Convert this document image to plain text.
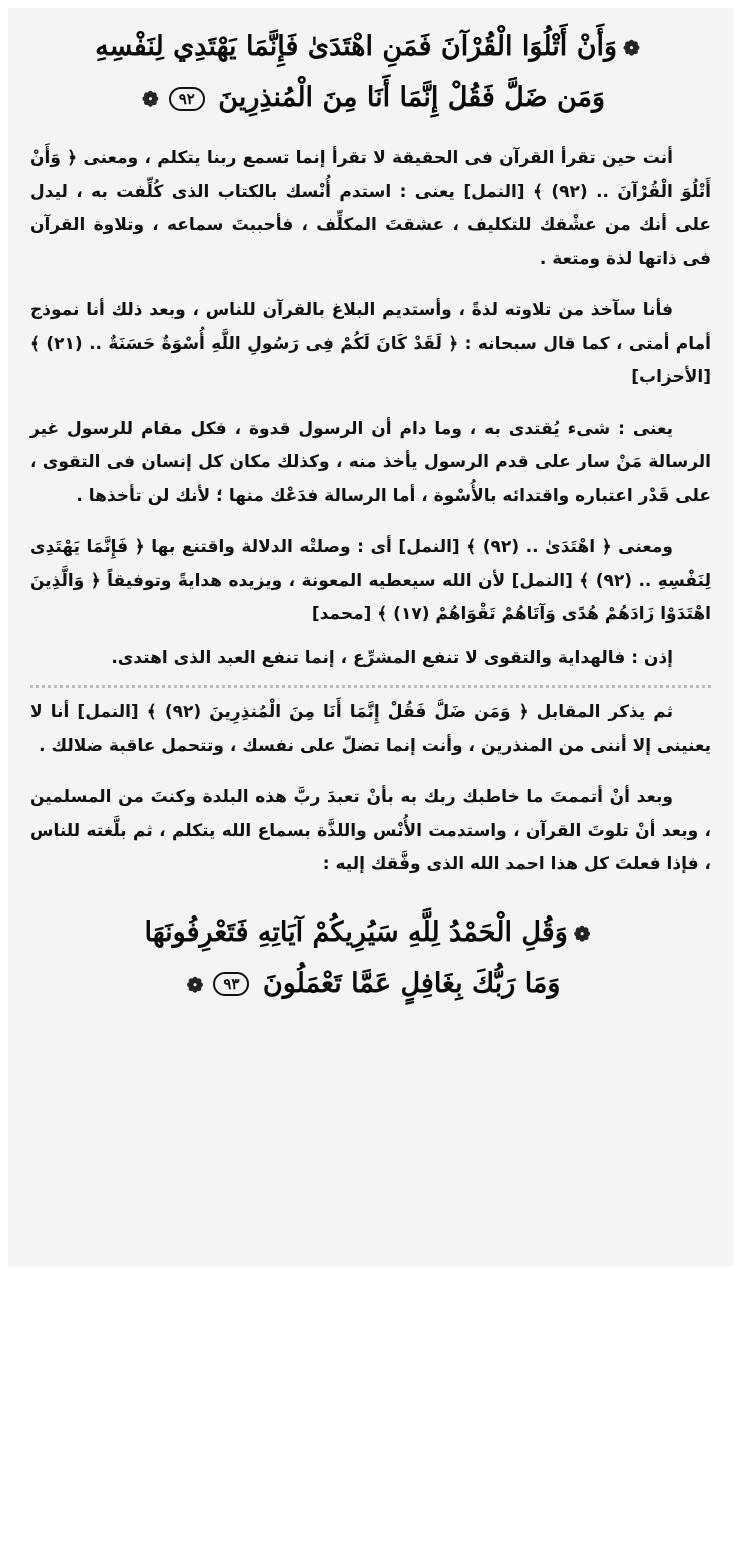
❁وَأَنْ أَتْلُوَا الْقُرْآنَ فَمَنِ اهْتَدَىٰ فَإِنَّمَا يَهْتَدِي لِنَفْسِهِ
وَمَن ضَلَّ فَقُلْ إِنَّمَا أَنَا مِنَ الْمُنذِرِينَ ٩٢❁

أنت حين تقرأ القرآن فى الحقيقة لا تقرأ إنما تسمع ربنا يتكلم ، ومعنى ﴿ وَأَنْ أَتْلُوَ الْقُرْآنَ .. (٩٢) ﴾ [النمل] يعنى : استدم أُنْسك بالكتاب الذى كُلِّفت به ، ليدل على أنك من عشْقك للتكليف ، عشقتَ المكلِّف ، فأحببتَ سماعه ، وتلاوة القرآن فى ذاتها لذة ومتعة .

فأنا سآخذ من تلاوته لذةً ، وأستديم البلاغ بالقرآن للناس ، وبعد ذلك أنا نموذج أمام أمتى ، كما قال سبحانه : ﴿ لَقَدْ كَانَ لَكُمْ فِى رَسُولِ اللَّهِ أُسْوَةٌ حَسَنَةٌ .. (٢١) ﴾ [الأحزاب]

يعنى : شىء يُقتدى به ، وما دام أن الرسول قدوة ، فكل مقام للرسول غير الرسالة مَنْ سار على قدم الرسول يأخذ منه ، وكذلك مكان كل إنسان فى التقوى ، على قَدْر اعتباره واقتدائه بالأُسْوة ، أما الرسالة فدَعْك منها ؛ لأنك لن تأخذها .

ومعنى ﴿ اهْتَدَىٰ .. (٩٢) ﴾ [النمل] أى : وصلتْه الدلالة واقتنع بها ﴿ فَإِنَّمَا يَهْتَدِى لِنَفْسِهِ .. (٩٢) ﴾ [النمل] لأن الله سيعطيه المعونة ، ويزيده هدايةً وتوفيقاً ﴿ وَالَّذِينَ اهْتَدَوْا زَادَهُمْ هُدًى وَآتَاهُمْ تَقْوَاهُمْ (١٧) ﴾ [محمد]

إذن : فالهداية والتقوى لا تنفع المشرِّع ، إنما تنفع العبد الذى اهتدى.

ثم يذكر المقابل ﴿ وَمَن ضَلَّ فَقُلْ إِنَّمَا أَنَا مِنَ الْمُنذِرِينَ (٩٢) ﴾ [النمل] أنا لا يعنينى إلا أننى من المنذرين ، وأنت إنما تضلّ على نفسك ، وتتحمل عاقبة ضلالك .

وبعد أنْ أتممتَ ما خاطبك ربك به بأنْ تعبدَ ربَّ هذه البلدة وكنتَ من المسلمين ، وبعد أنْ تلوتَ القرآن ، واستدمت الأُنْس واللذَّة بسماع الله يتكلم ، ثم بلَّغته للناس ، فإذا فعلتَ كل هذا احمد الله الذى وفَّقك إليه :

❁وَقُلِ الْحَمْدُ لِلَّهِ سَيُرِيكُمْ آيَاتِهِ فَتَعْرِفُونَهَا
وَمَا رَبُّكَ بِغَافِلٍ عَمَّا تَعْمَلُونَ ٩٣❁
